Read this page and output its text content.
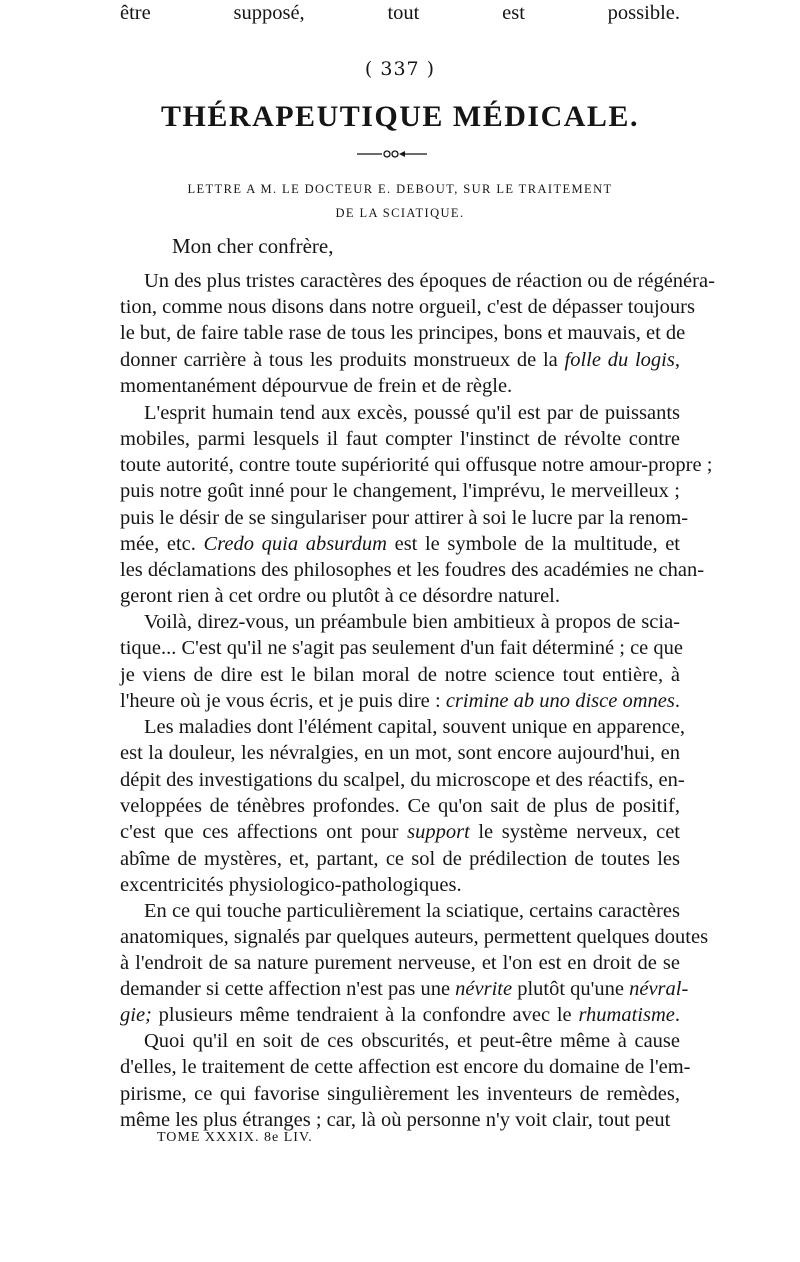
( 337 )
THÉRAPEUTIQUE MÉDICALE.
LETTRE A M. LE DOCTEUR E. DEBOUT, SUR LE TRAITEMENT
DE LA SCIATIQUE.
Mon cher confrère,
Un des plus tristes caractères des époques de réaction ou de régénéra-
tion, comme nous disons dans notre orgueil, c'est de dépasser toujours
le but, de faire table rase de tous les principes, bons et mauvais, et de
donner carrière à tous les produits monstrueux de la folle du logis,
momentanément dépourvue de frein et de règle.
L'esprit humain tend aux excès, poussé qu'il est par de puissants
mobiles, parmi lesquels il faut compter l'instinct de révolte contre
toute autorité, contre toute supériorité qui offusque notre amour-propre ;
puis notre goût inné pour le changement, l'imprévu, le merveilleux ;
puis le désir de se singulariser pour attirer à soi le lucre par la renom-
mée, etc. Credo quia absurdum est le symbole de la multitude, et
les déclamations des philosophes et les foudres des académies ne chan-
geront rien à cet ordre ou plutôt à ce désordre naturel.
Voilà, direz-vous, un préambule bien ambitieux à propos de scia-
tique... C'est qu'il ne s'agit pas seulement d'un fait déterminé ; ce que
je viens de dire est le bilan moral de notre science tout entière, à
l'heure où je vous écris, et je puis dire : crimine ab uno disce omnes.
Les maladies dont l'élément capital, souvent unique en apparence,
est la douleur, les névralgies, en un mot, sont encore aujourd'hui, en
dépit des investigations du scalpel, du microscope et des réactifs, en-
veloppées de ténèbres profondes. Ce qu'on sait de plus de positif,
c'est que ces affections ont pour support le système nerveux, cet
abîme de mystères, et, partant, ce sol de prédilection de toutes les
excentricités physiologico-pathologiques.
En ce qui touche particulièrement la sciatique, certains caractères
anatomiques, signalés par quelques auteurs, permettent quelques doutes
à l'endroit de sa nature purement nerveuse, et l'on est en droit de se
demander si cette affection n'est pas une névrite plutôt qu'une névral-
gie; plusieurs même tendraient à la confondre avec le rhumatisme.
Quoi qu'il en soit de ces obscurités, et peut-être même à cause
d'elles, le traitement de cette affection est encore du domaine de l'em-
pirisme, ce qui favorise singulièrement les inventeurs de remèdes,
même les plus étranges ; car, là où personne n'y voit clair, tout peut
être supposé, tout est possible.
TOME XXXIX. 8e LIV.
